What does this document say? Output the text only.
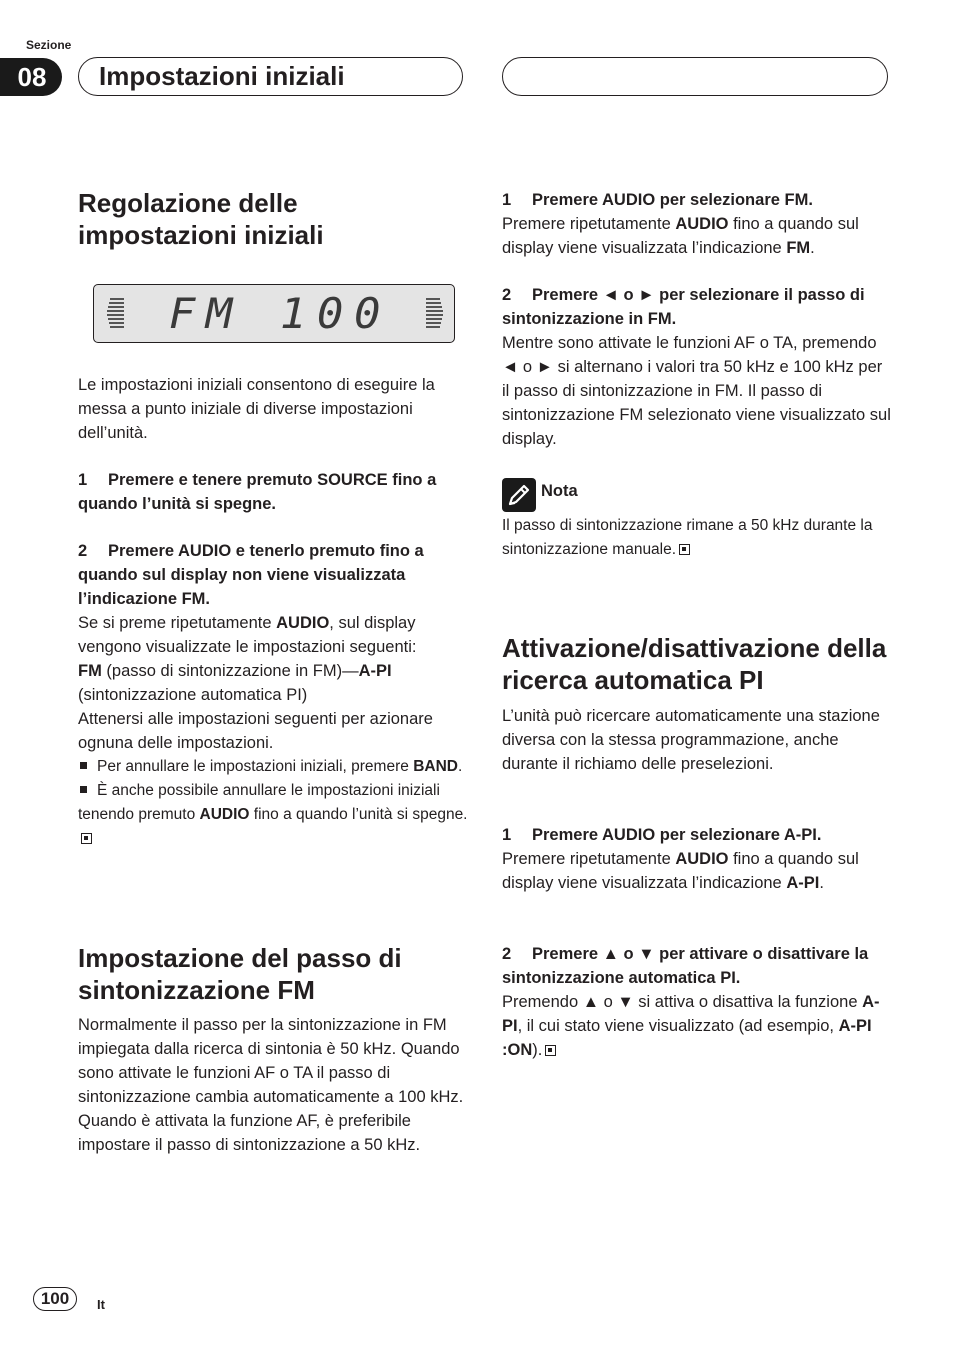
Sezione
08	Impostazioni iniziali
Regolazione delle impostazioni iniziali
FM 100

Le impostazioni iniziali consentono di eseguire la messa a punto iniziale di diverse impostazioni dell’unità.

1 Premere e tenere premuto SOURCE fino a quando l’unità si spegne.

2 Premere AUDIO e tenerlo premuto fino a quando sul display non viene visualizzata l’indicazione FM.

Se si preme ripetutamente AUDIO, sul display vengono visualizzate le impostazioni seguenti:

FM (passo di sintonizzazione in FM)—A-PI (sintonizzazione automatica PI)

Attenersi alle impostazioni seguenti per azionare ognuna delle impostazioni.

Per annullare le impostazioni iniziali, premere BAND.

È anche possibile annullare le impostazioni iniziali tenendo premuto AUDIO fino a quando l’unità si spegne.

Impostazione del passo di sintonizzazione FM

Normalmente il passo per la sintonizzazione in FM impiegata dalla ricerca di sintonia è 50 kHz. Quando sono attivate le funzioni AF o TA il passo di sintonizzazione cambia automaticamente a 100 kHz. Quando è attivata la funzione AF, è preferibile impostare il passo di sintonizzazione a 50 kHz.

1 Premere AUDIO per selezionare FM.

Premere ripetutamente AUDIO fino a quando sul display viene visualizzata l’indicazione FM.

2 Premere ◄ o ► per selezionare il passo di sintonizzazione in FM.

Mentre sono attivate le funzioni AF o TA, premendo ◄ o ► si alternano i valori tra 50 kHz e 100 kHz per il passo di sintonizzazione in FM. Il passo di sintonizzazione FM selezionato viene visualizzato sul display.

Nota
Il passo di sintonizzazione rimane a 50 kHz durante la sintonizzazione manuale.
Attivazione/disattivazione della ricerca automatica PI

L’unità può ricercare automaticamente una stazione diversa con la stessa programmazione, anche durante il richiamo delle preselezioni.

1 Premere AUDIO per selezionare A-PI.

Premere ripetutamente AUDIO fino a quando sul display viene visualizzata l’indicazione A-PI.

2 Premere ▲ o ▼ per attivare o disattivare la sintonizzazione automatica PI.

Premendo ▲ o ▼ si attiva o disattiva la funzione A-PI, il cui stato viene visualizzato (ad esempio, A-PI :ON).

100	It
